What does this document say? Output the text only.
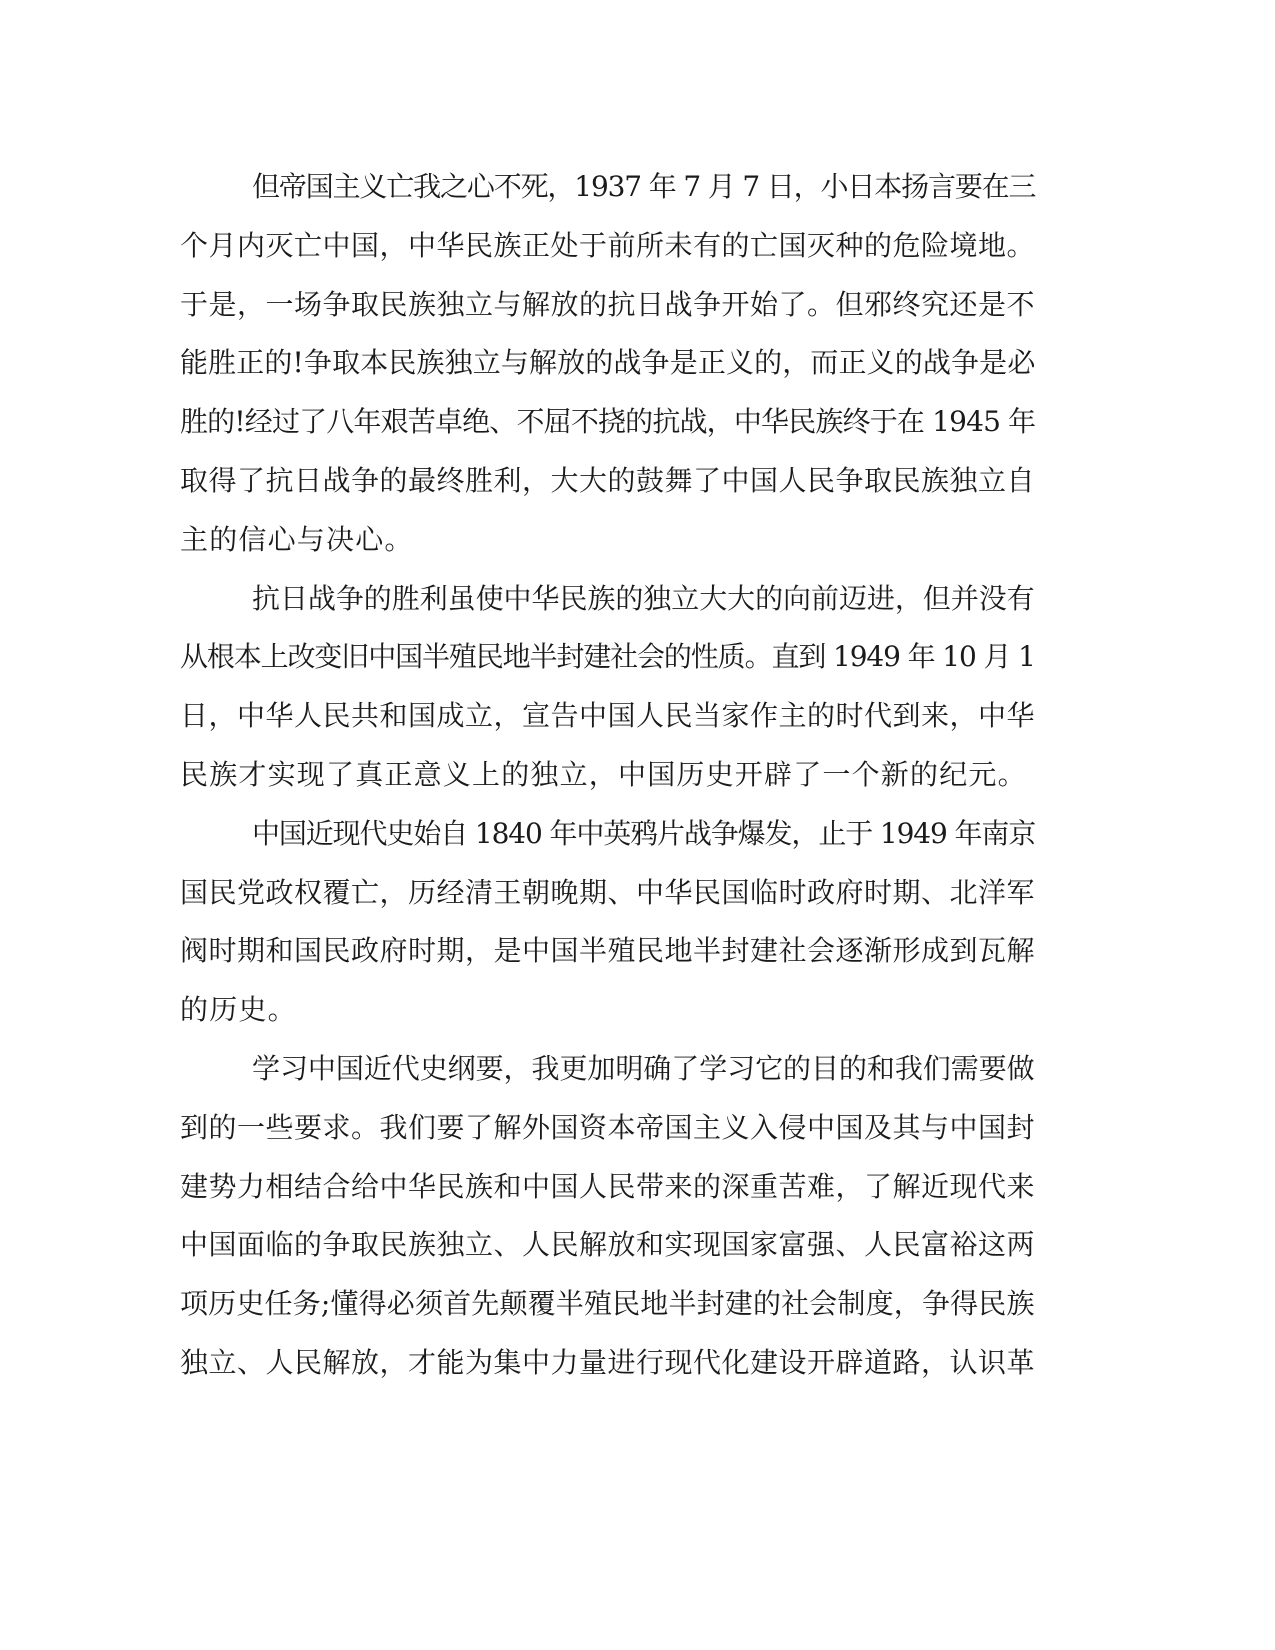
但帝国主义亡我之心不死，1937 年 7 月 7 日，小日本扬言要在三
个月内灭亡中国，中华民族正处于前所未有的亡国灭种的危险境地。
于是，一场争取民族独立与解放的抗日战争开始了。但邪终究还是不
能胜正的!争取本民族独立与解放的战争是正义的，而正义的战争是必
胜的!经过了八年艰苦卓绝、不屈不挠的抗战，中华民族终于在 1945 年
取得了抗日战争的最终胜利，大大的鼓舞了中国人民争取民族独立自
主的信心与决心。
抗日战争的胜利虽使中华民族的独立大大的向前迈进，但并没有
从根本上改变旧中国半殖民地半封建社会的性质。直到 1949 年 10 月 1
日，中华人民共和国成立，宣告中国人民当家作主的时代到来，中华
民族才实现了真正意义上的独立，中国历史开辟了一个新的纪元。
中国近现代史始自 1840 年中英鸦片战争爆发，止于 1949 年南京
国民党政权覆亡，历经清王朝晚期、中华民国临时政府时期、北洋军
阀时期和国民政府时期，是中国半殖民地半封建社会逐渐形成到瓦解
的历史。
学习中国近代史纲要，我更加明确了学习它的目的和我们需要做
到的一些要求。我们要了解外国资本帝国主义入侵中国及其与中国封
建势力相结合给中华民族和中国人民带来的深重苦难，了解近现代来
中国面临的争取民族独立、人民解放和实现国家富强、人民富裕这两
项历史任务;懂得必须首先颠覆半殖民地半封建的社会制度，争得民族
独立、人民解放，才能为集中力量进行现代化建设开辟道路，认识革
